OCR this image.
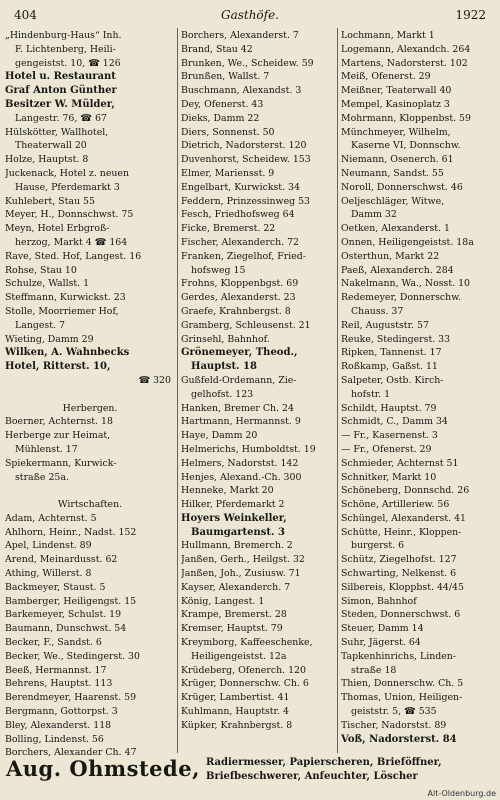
404	Gasthöfe.	1922
„Hindenburg-Haus“ Inh.
F. Lichtenberg, Heili-
gengeistst. 10, ☎ 126
Hotel u. Restaurant
Graf Anton Günther
Besitzer W. Mülder,
Langestr. 76, ☎ 67
Hülskötter, Wallhotel,
Theaterwall 20
Holze, Hauptst. 8
Juckenack, Hotel z. neuen
Hause, Pferdemarkt 3
Kuhlebert, Stau 55
Meyer, H., Donnschwst. 75
Meyn, Hotel Erbgroß-
herzog, Markt 4 ☎ 164
Rave, Sted. Hof, Langest. 16
Rohse, Stau 10
Schulze, Wallst. 1
Steffmann, Kurwickst. 23
Stolle, Moorriemer Hof,
Langest. 7
Wieting, Damm 29
Wilken, A. Wahnbecks
Hotel, Ritterst. 10,
☎ 320
Herbergen.
Boerner, Achternst. 18
Herberge zur Heimat,
Mühlenst. 17
Spiekermann, Kurwick-
straße 25a.
Wirtschaften.
Adam, Achternst. 5
Ahlhorn, Heinr., Nadst. 152
Apel, Lindenst. 89
Arend, Meinardusst. 62
Athing, Willerst. 8
Backmeyer, Staust. 5
Bamberger, Heiligengst. 15
Barkemeyer, Schulst. 19
Baumann, Dunschwst. 54
Becker, F., Sandst. 6
Becker, We., Stedingerst. 30
Beeß, Hermannst. 17
Behrens, Hauptst. 113
Berendmeyer, Haarenst. 59
Bergmann, Gottorpst. 3
Bley, Alexanderst. 118
Bolling, Lindenst. 56
Borchers, Alexander Ch. 47
Borchers, Alexanderst. 7
Brand, Stau 42
Brunken, We., Scheidew. 59
Brunßen, Wallst. 7
Buschmann, Alexandst. 3
Dey, Ofenerst. 43
Dieks, Damm 22
Diers, Sonnenst. 50
Dietrich, Nadorsterst. 120
Duvenhorst, Scheidew. 153
Elmer, Mariensst. 9
Engelbart, Kurwickst. 34
Feddern, Prinzessinweg 53
Fesch, Friedhofsweg 64
Ficke, Bremerst. 22
Fischer, Alexanderch. 72
Franken, Ziegelhof, Fried-
hofsweg 15
Frohns, Kloppenbgst. 69
Gerdes, Alexanderst. 23
Graefe, Krahnbergst. 8
Gramberg, Schleusenst. 21
Grinsehl, Bahnhof.
Grönemeyer, Theod.,
Hauptst. 18
Gußfeld-Ordemann, Zie-
gelhofst. 123
Hanken, Bremer Ch. 24
Hartmann, Hermannst. 9
Haye, Damm 20
Helmerichs, Humboldtst. 19
Helmers, Nadorstst. 142
Henjes, Alexand.-Ch. 300
Henneke, Markt 20
Hilker, Pferdemarkt 2
Hoyers Weinkeller,
Baumgartenst. 3
Hullmann, Bremerch. 2
Janßen, Gerh., Heilgst. 32
Janßen, Joh., Zusiusw. 71
Kayser, Alexanderch. 7
König, Langest. 1
Krampe, Bremerst. 28
Kremser, Hauptst. 79
Kreymborg, Kaffeeschenke,
Heiligengeistst. 12a
Krüdeberg, Ofenerch. 120
Krüger, Donnerschw. Ch. 6
Krüger, Lambertist. 41
Kuhlmann, Hauptstr. 4
Küpker, Krahnbergst. 8
Lochmann, Markt 1
Logemann, Alexandch. 264
Martens, Nadorsterst. 102
Meiß, Ofenerst. 29
Meißner, Teaterwall 40
Mempel, Kasinoplatz 3
Mohrmann, Kloppenbst. 59
Münchmeyer, Wilhelm,
Kaserne VI, Donnschw.
Niemann, Osenerch. 61
Neumann, Sandst. 55
Noroll, Donnerschwst. 46
Oeljeschläger, Witwe,
Damm 32
Oetken, Alexanderst. 1
Onnen, Heiligengeistst. 18a
Osterthun, Markt 22
Paeß, Alexanderch. 284
Nakelmann, Wa., Nosst. 10
Redemeyer, Donnerschw.
Chauss. 37
Reil, Auguststr. 57
Reuke, Stedingerst. 33
Ripken, Tannenst. 17
Roßkamp, Gaßst. 11
Salpeter, Ostb. Kirch-
hofstr. 1
Schildt, Hauptst. 79
Schmidt, C., Damm 34
— Fr., Kasernenst. 3
— Fr., Ofenerst. 29
Schmieder, Achternst 51
Schnitker, Markt 10
Schöneberg, Donnschd. 26
Schöne, Artilleriew. 56
Schüngel, Alexanderst. 41
Schütte, Heinr., Kloppen-
burgerst. 6
Schütz, Ziegelhofst. 127
Schwarting, Nelkenst. 6
Silbereis, Kloppbst. 44/45
Simon, Bahnhof
Steden, Donnerschwst. 6
Steuer, Damm 14
Suhr, Jägerst. 64
Tapkenhinrichs, Linden-
straße 18
Thien, Donnerschw. Ch. 5
Thomas, Union, Heiligen-
geiststr. 5, ☎ 535
Tischer, Nadorstst. 89
Voß, Nadorsterst. 84
Aug. Ohmstede, Radiermesser, Papierscheren, Brieföffner,
Briefbeschwerer, Anfeuchter, Löscher
Alt-Oldenburg.de
